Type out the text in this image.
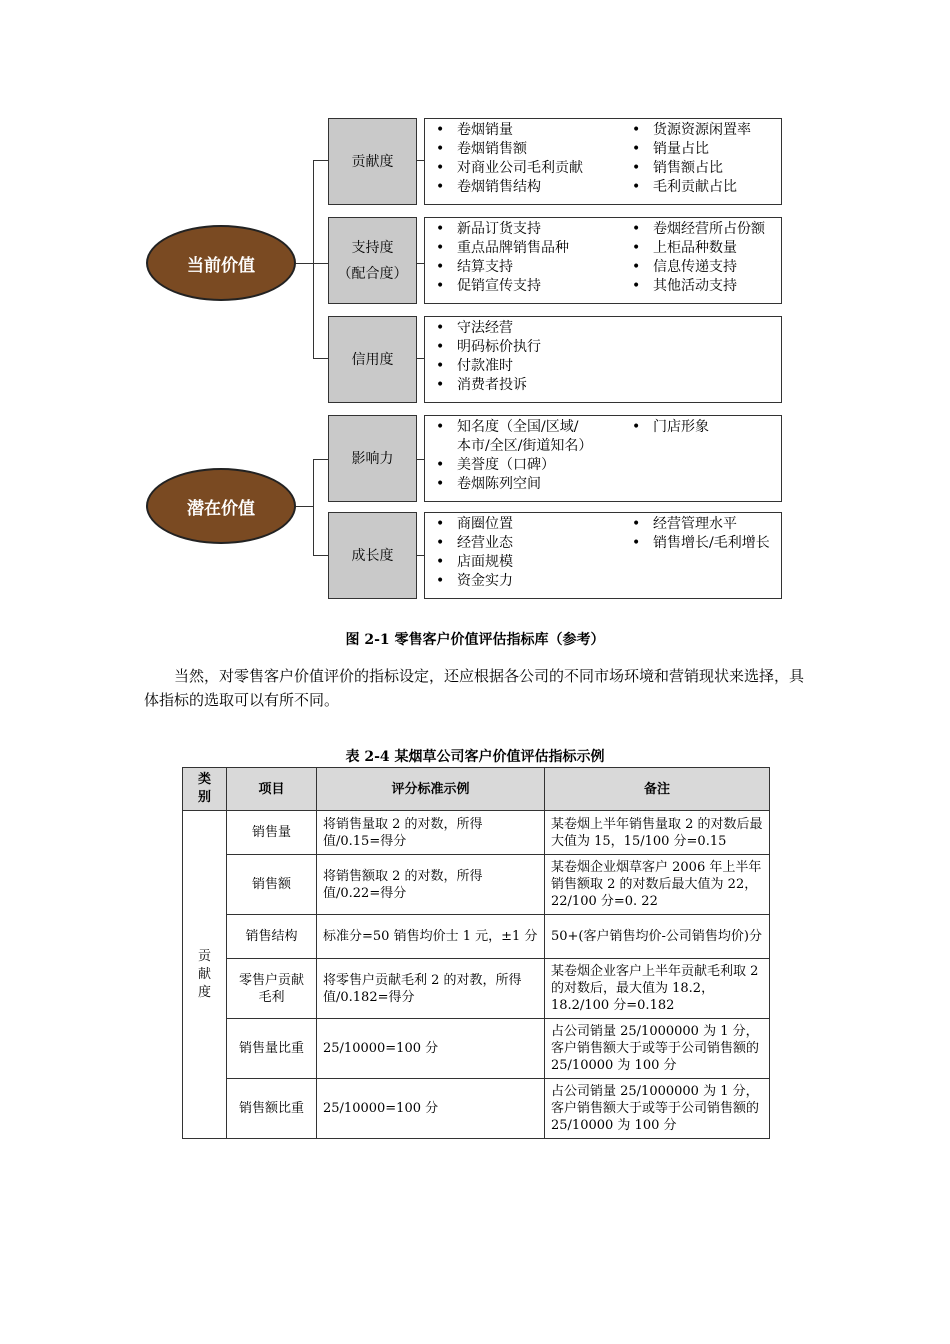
当前价值
潜在价值
贡献度
支持度
（配合度）
信用度
影响力
成长度
• 卷烟销量
• 卷烟销售额
• 对商业公司毛利贡献
• 卷烟销售结构
• 货源资源闲置率
• 销量占比
• 销售额占比
• 毛利贡献占比
• 新品订货支持
• 重点品牌销售品种
• 结算支持
• 促销宣传支持
• 卷烟经营所占份额
• 上柜品种数量
• 信息传递支持
• 其他活动支持
• 守法经营
• 明码标价执行
• 付款准时
• 消费者投诉
• 知名度（全国/区域/
本市/全区/街道知名）
• 美誉度（口碑）
• 卷烟陈列空间
• 门店形象
• 商圈位置
• 经营业态
• 店面规模
• 资金实力
• 经营管理水平
• 销售增长/毛利增长
图 2-1 零售客户价值评估指标库（参考）

当然，对零售客户价值评价的指标设定，还应根据各公司的不同市场环境和营销现状来选择，具体指标的选取可以有所不同。

表 2-4 某烟草公司客户价值评估指标示例
类别	项目	评分标准示例	备注
贡献度	销售量	将销售量取 2 的对数，所得值/0.15=得分	某卷烟上半年销售量取 2 的对数后最大值为 15，15/100 分=0.15
	销售额	将销售额取 2 的对数，所得值/0.22=得分	某卷烟企业烟草客户 2006 年上半年销售额取 2 的对数后最大值为 22，22/100 分=0. 22
	销售结构	标准分=50 销售均价士 1 元，±1 分	50+(客户销售均价-公司销售均价)分
	零售户贡献毛利	将零售户贡献毛利 2 的对教，所得值/0.182=得分	某卷烟企业客户上半年贡献毛利取 2 的对数后，最大值为 18.2，18.2/100 分=0.182
	销售量比重	25/10000=100 分	占公司销量 25/1000000 为 1 分，客户销售额大于或等于公司销售额的 25/10000 为 100 分
	销售额比重	25/10000=100 分	占公司销量 25/1000000 为 1 分，客户销售额大于或等于公司销售额的 25/10000 为 100 分
